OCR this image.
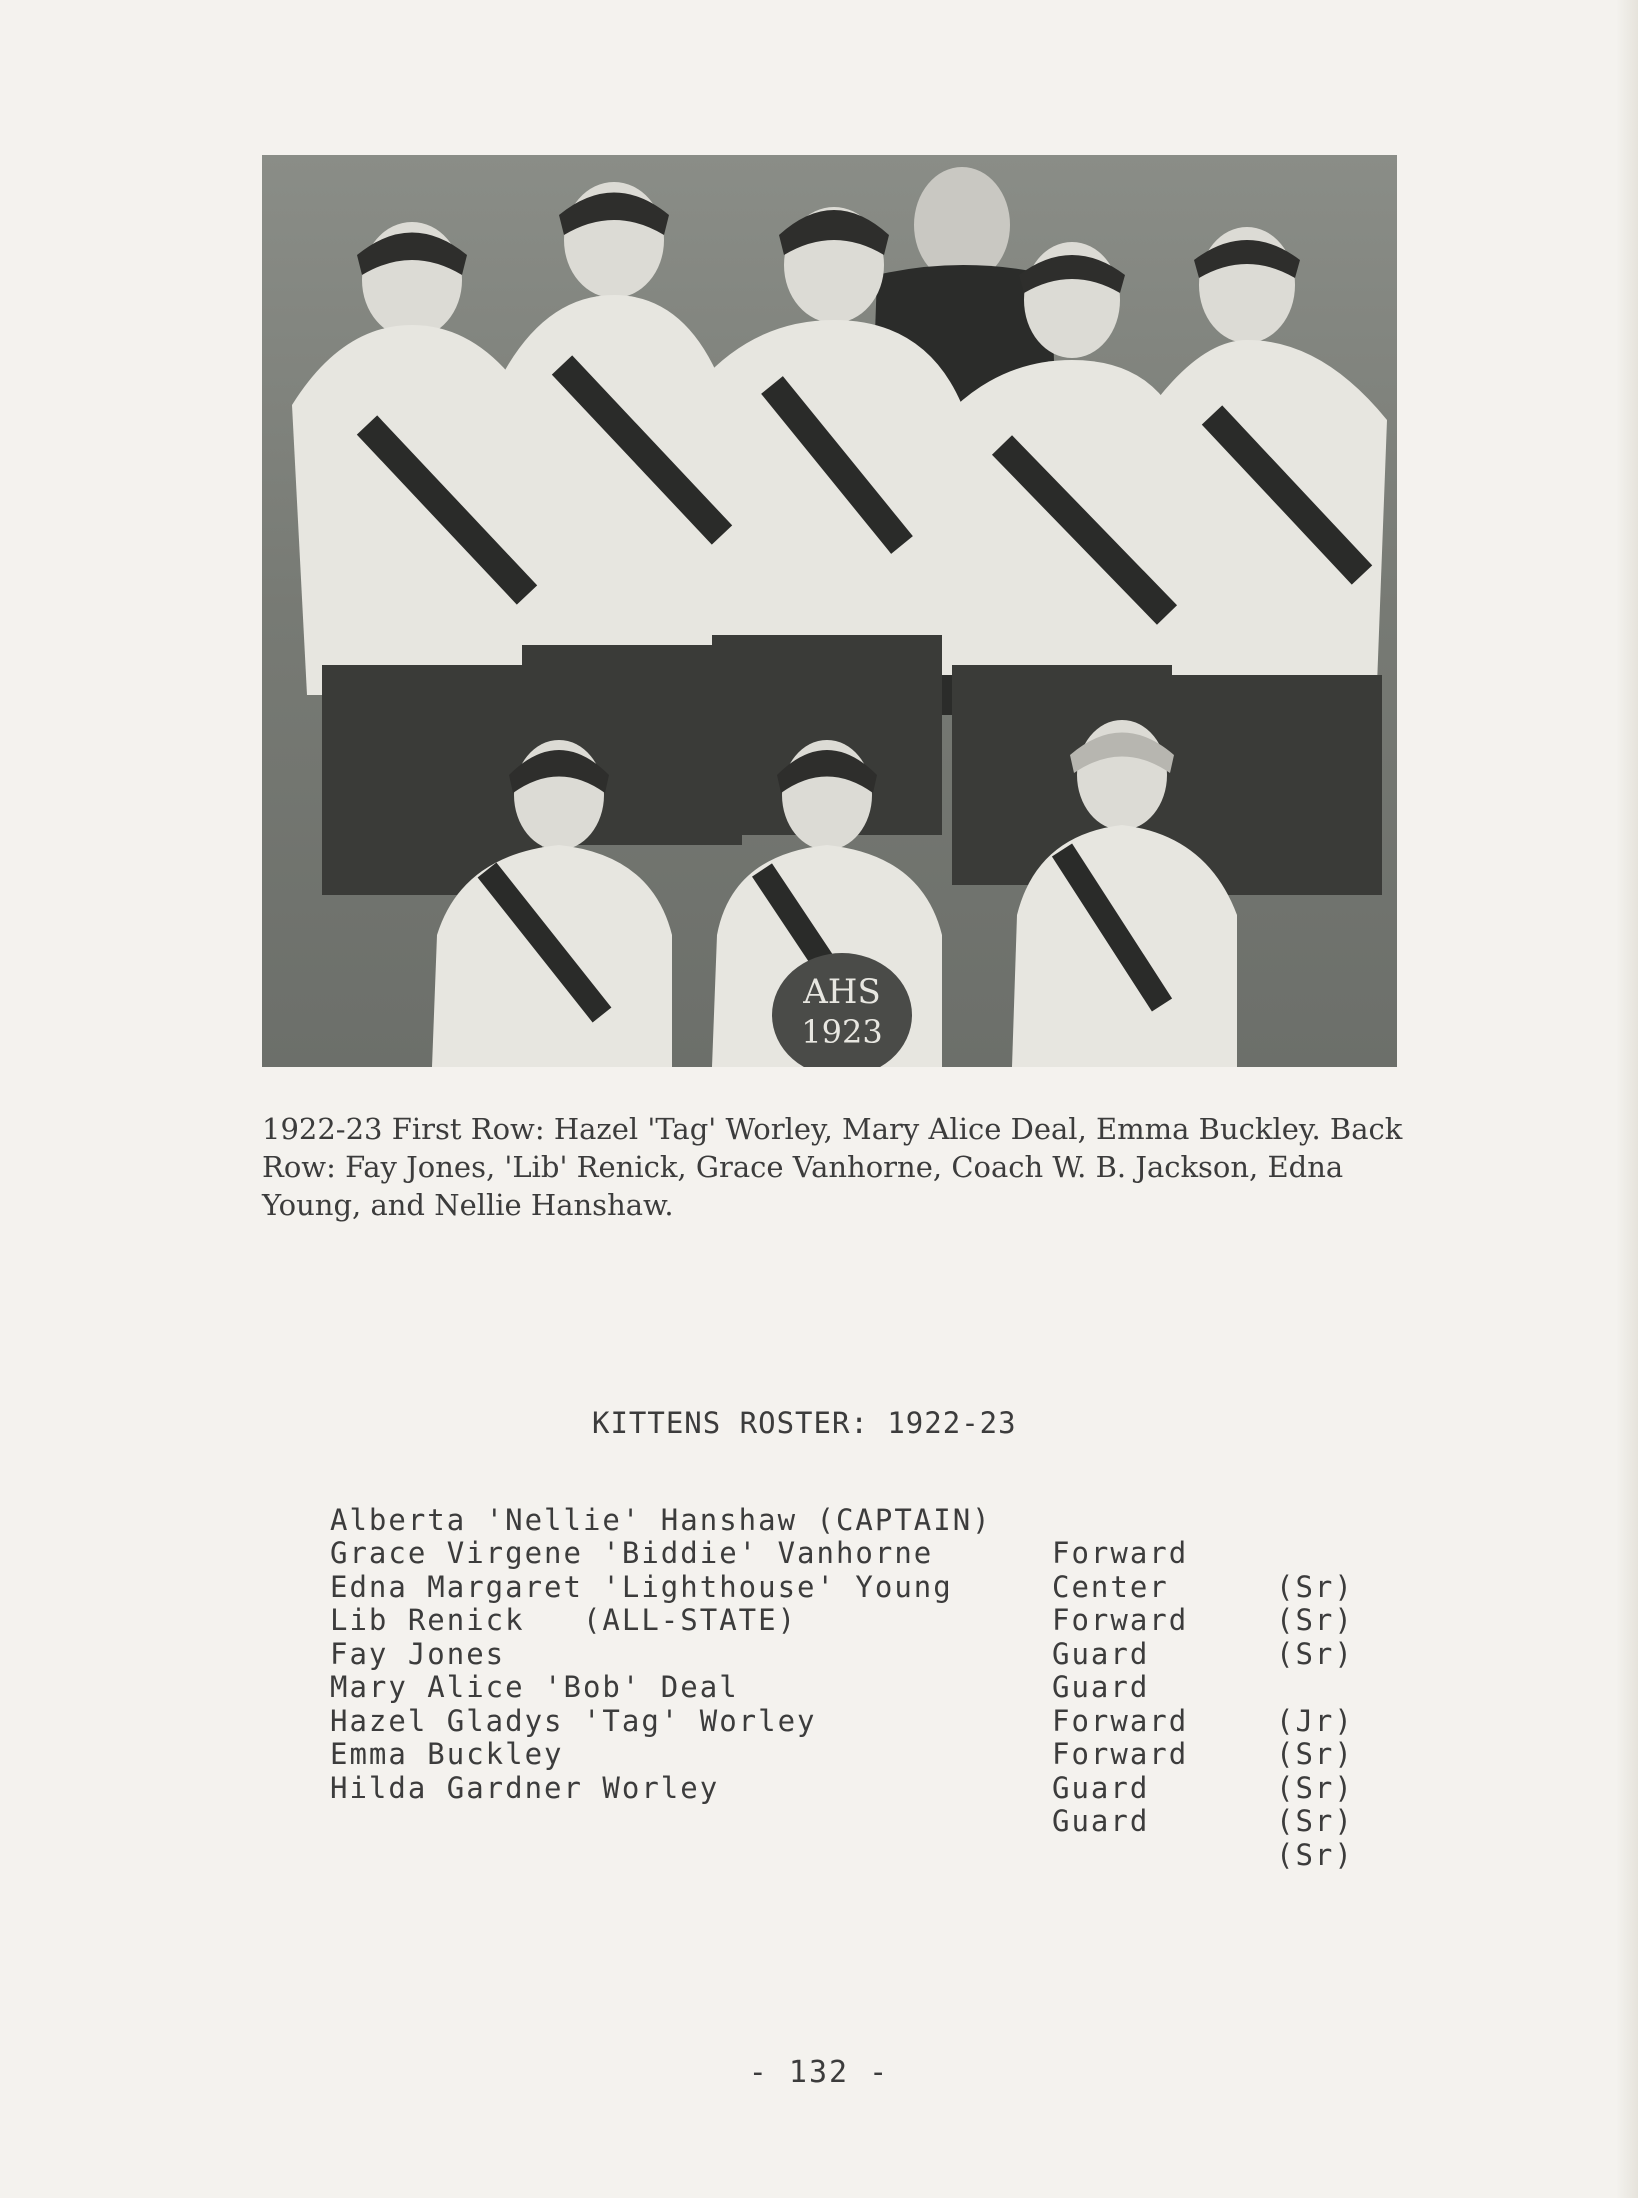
AHS
1923

1922-23 First Row: Hazel 'Tag' Worley, Mary Alice Deal, Emma Buckley. Back Row: Fay Jones, 'Lib' Renick, Grace Vanhorne, Coach W. B. Jackson, Edna Young, and Nellie Hanshaw.

KITTENS ROSTER: 1922-23

Alberta 'Nellie' Hanshaw (CAPTAIN)

Forward

(Sr)

Grace Virgene 'Biddie' Vanhorne

Center

(Sr)

Edna Margaret 'Lighthouse' Young

Forward

(Sr)

Lib Renick   (ALL-STATE)

Guard

Fay Jones

Guard

(Jr)

Mary Alice 'Bob' Deal

Forward

(Sr)

Hazel Gladys 'Tag' Worley

Forward

(Sr)

Emma Buckley

Guard

(Sr)

Hilda Gardner Worley

Guard

(Sr)

- 132 -
